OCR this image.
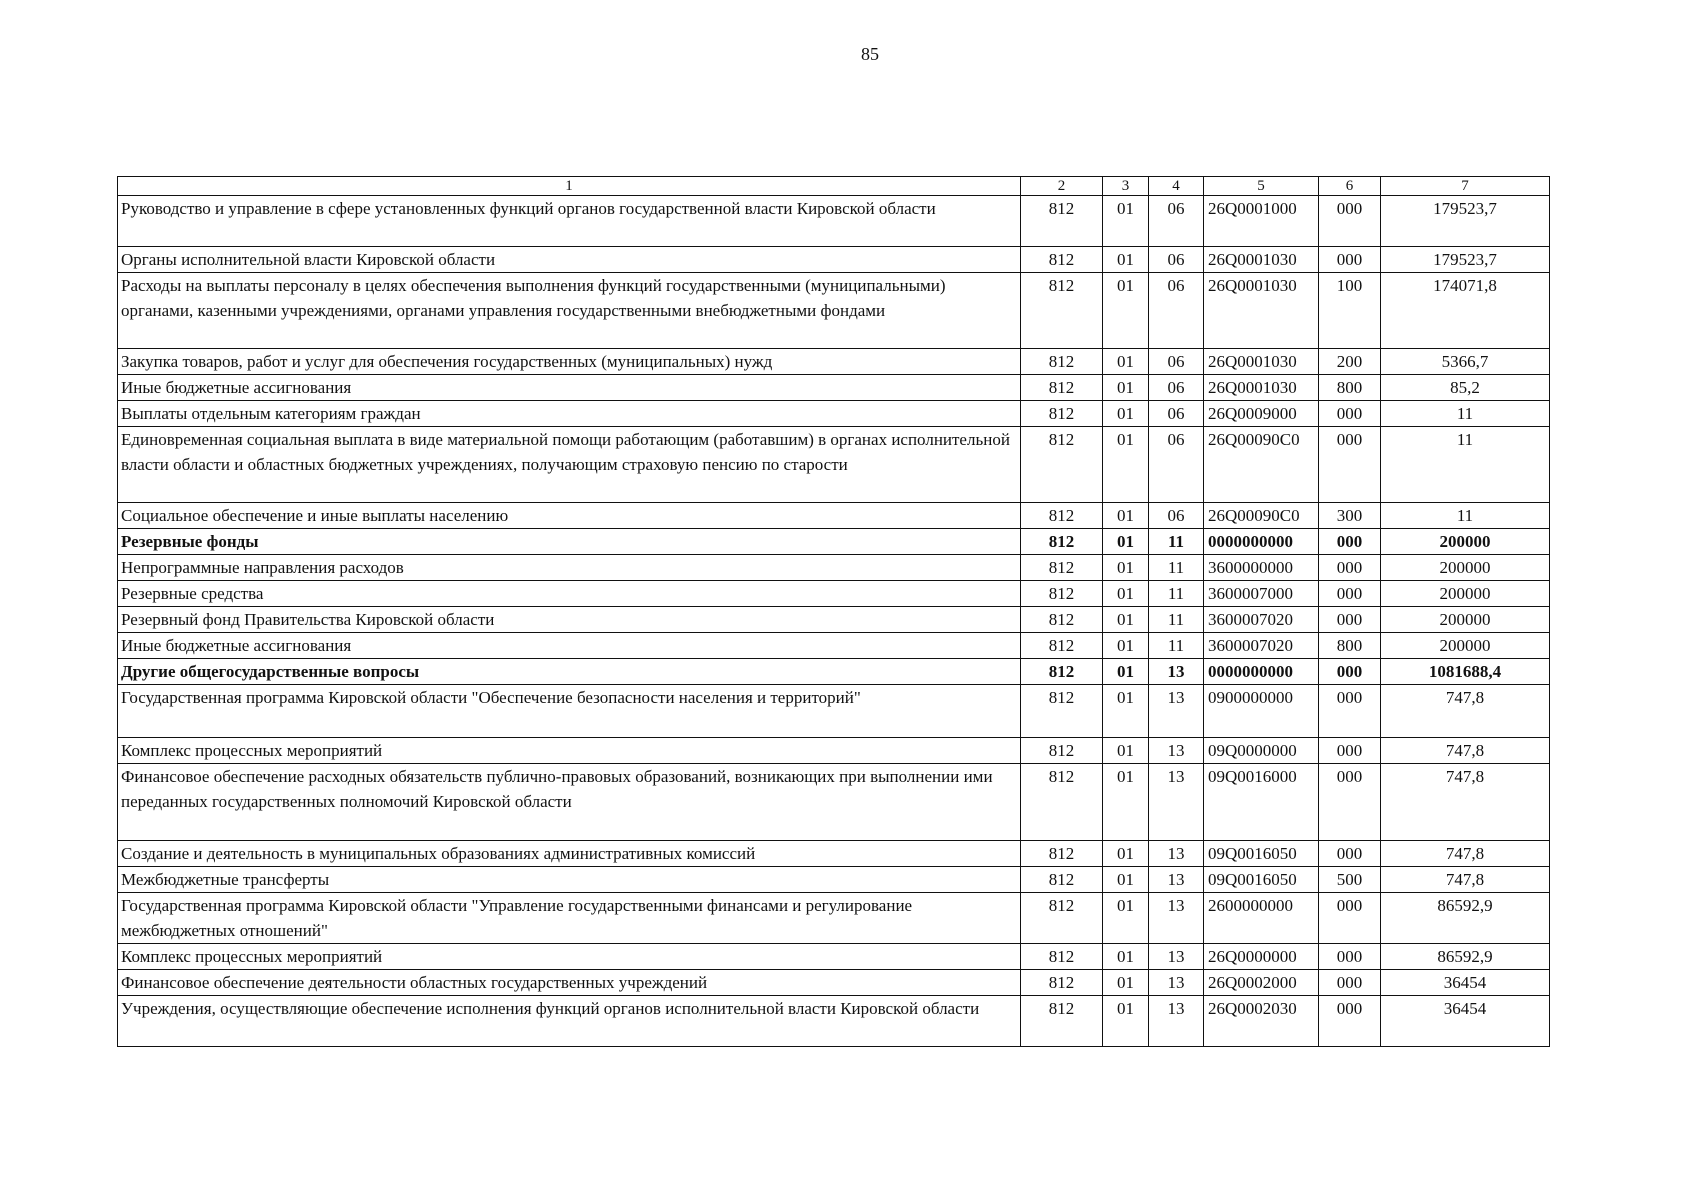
85
1	2	3	4	5	6	7
Руководство и управление в сфере установленных функций органов государственной власти Кировской области	812	01	06	26Q0001000	000	179523,7
Органы исполнительной власти Кировской области	812	01	06	26Q0001030	000	179523,7
Расходы на выплаты персоналу в целях обеспечения выполнения функций государственными (муниципальными) органами, казенными учреждениями, органами управления государственными внебюджетными фондами	812	01	06	26Q0001030	100	174071,8
Закупка товаров, работ и услуг для обеспечения государственных (муниципальных) нужд	812	01	06	26Q0001030	200	5366,7
Иные бюджетные ассигнования	812	01	06	26Q0001030	800	85,2
Выплаты отдельным категориям граждан	812	01	06	26Q0009000	000	11
Единовременная социальная выплата в виде материальной помощи работающим (работавшим) в органах исполнительной власти области и областных бюджетных учреждениях, получающим страховую пенсию по старости	812	01	06	26Q00090C0	000	11
Социальное обеспечение и иные выплаты населению	812	01	06	26Q00090C0	300	11
Резервные фонды	812	01	11	0000000000	000	200000
Непрограммные направления расходов	812	01	11	3600000000	000	200000
Резервные средства	812	01	11	3600007000	000	200000
Резервный фонд Правительства Кировской области	812	01	11	3600007020	000	200000
Иные бюджетные ассигнования	812	01	11	3600007020	800	200000
Другие общегосударственные вопросы	812	01	13	0000000000	000	1081688,4
Государственная программа Кировской области "Обеспечение безопасности населения и территорий"	812	01	13	0900000000	000	747,8
Комплекс процессных мероприятий	812	01	13	09Q0000000	000	747,8
Финансовое обеспечение расходных обязательств публично-правовых образований, возникающих при выполнении ими переданных государственных полномочий Кировской области	812	01	13	09Q0016000	000	747,8
Создание и деятельность в муниципальных образованиях административных комиссий	812	01	13	09Q0016050	000	747,8
Межбюджетные трансферты	812	01	13	09Q0016050	500	747,8
Государственная программа Кировской области "Управление государственными финансами и регулирование межбюджетных отношений"	812	01	13	2600000000	000	86592,9
Комплекс процессных мероприятий	812	01	13	26Q0000000	000	86592,9
Финансовое обеспечение деятельности областных государственных учреждений	812	01	13	26Q0002000	000	36454
Учреждения, осуществляющие обеспечение исполнения функций органов исполнительной власти Кировской области	812	01	13	26Q0002030	000	36454
